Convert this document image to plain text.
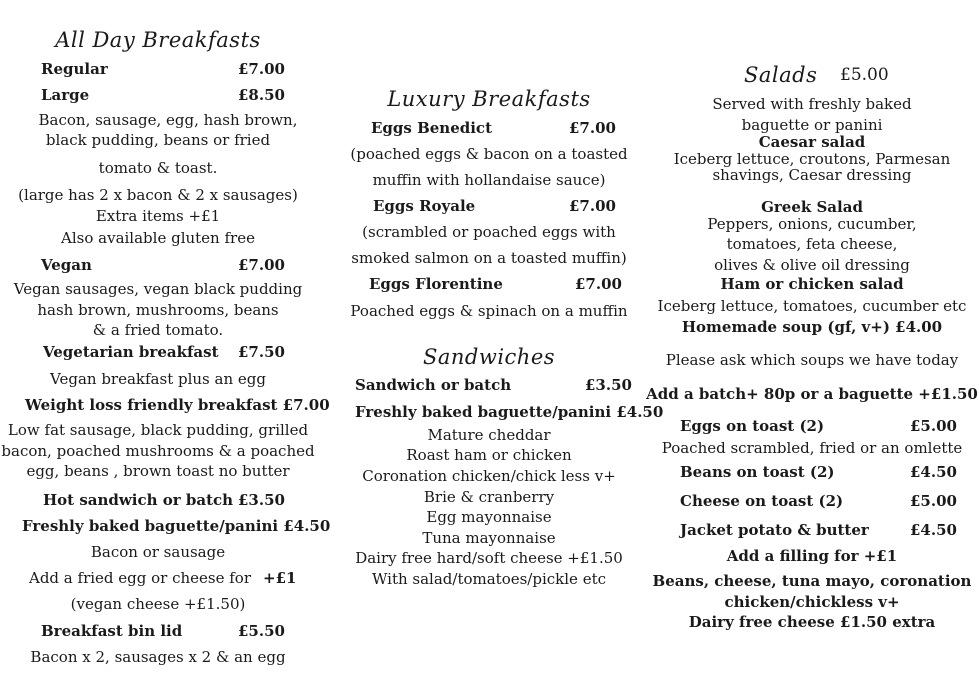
All Day Breakfasts
Regular	£7.00
Large	£8.50
Bacon, sausage, egg, hash brown,
black pudding, beans or fried
tomato & toast.
(large has 2 x bacon & 2 x sausages)
Extra items +£1
Also available gluten free
Vegan	£7.00
Vegan sausages, vegan black pudding
hash brown, mushrooms, beans
& a fried tomato.
Vegetarian breakfast £7.50
Vegan breakfast plus an egg
Weight loss friendly breakfast £7.00
Low fat sausage, black pudding, grilled
bacon, poached mushrooms & a poached
egg, beans , brown toast no butter
Hot sandwich or batch £3.50
Freshly baked baguette/panini £4.50
Bacon or sausage
Add a fried egg or cheese for +£1
(vegan cheese +£1.50)
Breakfast bin lid	£5.50
Bacon x 2, sausages x 2 & an egg
Luxury Breakfasts
Eggs Benedict	£7.00
(poached eggs & bacon on a toasted
muffin with hollandaise sauce)
Eggs Royale	£7.00
(scrambled or poached eggs with
smoked salmon on a toasted muffin)
Eggs Florentine	£7.00
Poached eggs & spinach on a muffin
Sandwiches
Sandwich or batch	£3.50
Freshly baked baguette/panini £4.50
Mature cheddar
Roast ham or chicken
Coronation chicken/chick less v+
Brie & cranberry
Egg mayonnaise
Tuna mayonnaise
Dairy free hard/soft cheese +£1.50
With salad/tomatoes/pickle etc
Salads £5.00
Served with freshly baked
baguette or panini
Caesar salad
Iceberg lettuce, croutons, Parmesan
shavings, Caesar dressing
Greek Salad
Peppers, onions, cucumber,
tomatoes, feta cheese,
olives & olive oil dressing
Ham or chicken salad
Iceberg lettuce, tomatoes, cucumber etc
Homemade soup (gf, v+) £4.00
Please ask which soups we have today
Add a batch+ 80p or a baguette +£1.50
Eggs on toast (2)	£5.00
Poached scrambled, fried or an omlette
Beans on toast (2)	£4.50
Cheese on toast (2)	£5.00
Jacket potato & butter	£4.50
Add a filling for +£1
Beans, cheese, tuna mayo, coronation
chicken/chickless v+
Dairy free cheese £1.50 extra
